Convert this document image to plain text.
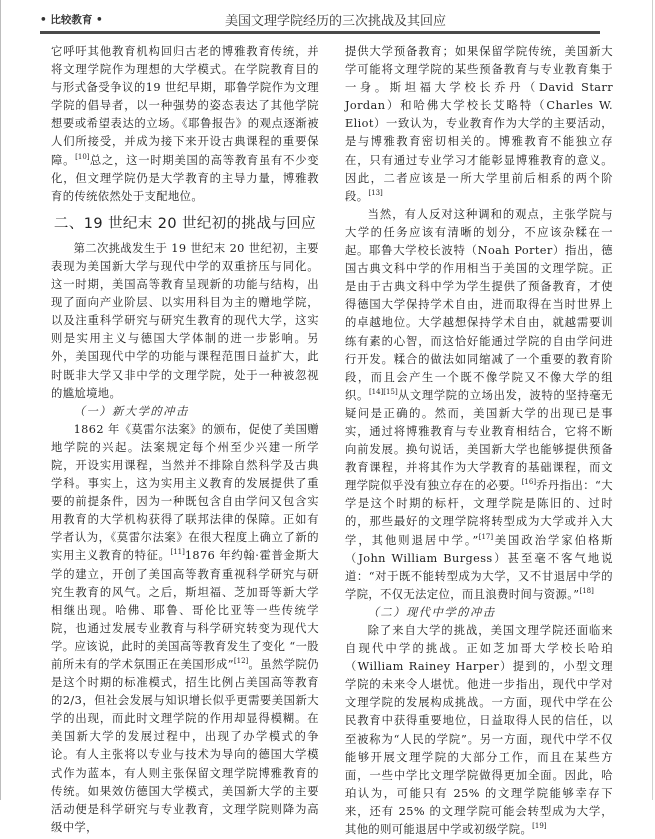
• 比较教育 •	美国文理学院经历的三次挑战及其回应

它呼吁其他教育机构回归古老的博雅教育传统，并将文理学院作为理想的大学模式。在学院教育目的与形式备受争议的19 世纪早期，耶鲁学院作为文理学院的倡导者，以一种强势的姿态表达了其他学院想要或希望表达的立场。《耶鲁报告》的观点逐渐被人们所接受，并成为接下来开设古典课程的重要保障。[10]总之，这一时期美国的高等教育虽有不少变化，但文理学院仍是大学教育的主导力量，博雅教育的传统依然处于支配地位。

二、19 世纪末 20 世纪初的挑战与回应

第二次挑战发生于 19 世纪末 20 世纪初，主要表现为美国新大学与现代中学的双重挤压与同化。这一时期，美国高等教育呈现新的功能与结构，出现了面向产业阶层、以实用科目为主的赠地学院，以及注重科学研究与研究生教育的现代大学，这实则是实用主义与德国大学体制的进一步影响。另外，美国现代中学的功能与课程范围日益扩大，此时既非大学又非中学的文理学院，处于一种被忽视的尴尬境地。

（一）新大学的冲击

1862 年《莫雷尔法案》的颁布，促使了美国赠地学院的兴起。法案规定每个州至少兴建一所学院，开设实用课程，当然并不排除自然科学及古典学科。事实上，这为实用主义教育的发展提供了重要的前提条件，因为一种既包含自由学问又包含实用教育的大学机构获得了联邦法律的保障。正如有学者认为，《莫雷尔法案》在很大程度上确立了新的实用主义教育的特征。[11]1876 年约翰·霍普金斯大学的建立，开创了美国高等教育重视科学研究与研究生教育的风气。之后，斯坦福、芝加哥等新大学相继出现。哈佛、耶鲁、哥伦比亚等一些传统学院，也通过发展专业教育与科学研究转变为现代大学。应该说，此时的美国高等教育发生了变化 “一股前所未有的学术氛围正在美国形成”[12]。虽然学院仍是这个时期的标准模式，招生比例占美国高等教育的2/3，但社会发展与知识增长似乎更需要美国新大学的出现，而此时文理学院的作用却显得模糊。在美国新大学的发展过程中，出现了办学模式的争论。有人主张将以专业与技术为导向的德国大学模式作为蓝本，有人则主张保留文理学院博雅教育的传统。如果效仿德国大学模式，美国新大学的主要活动便是科学研究与专业教育，文理学院则降为高级中学，

提供大学预备教育；如果保留学院传统，美国新大学可能将文理学院的某些预备教育与专业教育集于一身。斯坦福大学校长乔丹（David Starr Jordan）和哈佛大学校长艾略特（Charles W. Eliot）一致认为，专业教育作为大学的主要活动，是与博雅教育密切相关的。博雅教育不能独立存在，只有通过专业学习才能彰显博雅教育的意义。因此，二者应该是一所大学里前后相系的两个阶段。[13]

当然，有人反对这种调和的观点，主张学院与大学的任务应该有清晰的划分，不应该杂糅在一起。耶鲁大学校长波特（Noah Porter）指出，德国古典文科中学的作用相当于美国的文理学院。正是由于古典文科中学为学生提供了预备教育，才使得德国大学保持学术自由，进而取得在当时世界上的卓越地位。大学越想保持学术自由，就越需要训练有素的心智，而这恰好能通过学院的自由学问进行开发。糅合的做法如同缩减了一个重要的教育阶段，而且会产生一个既不像学院又不像大学的组织。[14][15]从文理学院的立场出发，波特的坚持毫无疑问是正确的。然而，美国新大学的出现已是事实，通过将博雅教育与专业教育相结合，它将不断向前发展。换句说话，美国新大学也能够提供预备教育课程，并将其作为大学教育的基础课程，而文理学院似乎没有独立存在的必要。[16]乔丹指出：“大学是这个时期的标杆，文理学院是陈旧的、过时的，那些最好的文理学院将转型成为大学或并入大学，其他则退居中学。”[17]美国政治学家伯格斯（John William Burgess）甚至毫不客气地说道：“对于既不能转型成为大学，又不甘退居中学的学院，不仅无法定位，而且浪费时间与资源。”[18]

（二）现代中学的冲击

除了来自大学的挑战，美国文理学院还面临来自现代中学的挑战。正如芝加哥大学校长哈珀（William Rainey Harper）提到的，小型文理学院的未来令人堪忧。他进一步指出，现代中学对文理学院的发展构成挑战。一方面，现代中学在公民教育中获得重要地位，日益取得人民的信任，以至被称为“人民的学院”。另一方面，现代中学不仅能够开展文理学院的大部分工作，而且在某些方面，一些中学比文理学院做得更加全面。因此，哈珀认为，可能只有 25% 的文理学院能够幸存下来，还有 25% 的文理学院可能会转型成为大学，其他的则可能退居中学或初级学院。[19]
